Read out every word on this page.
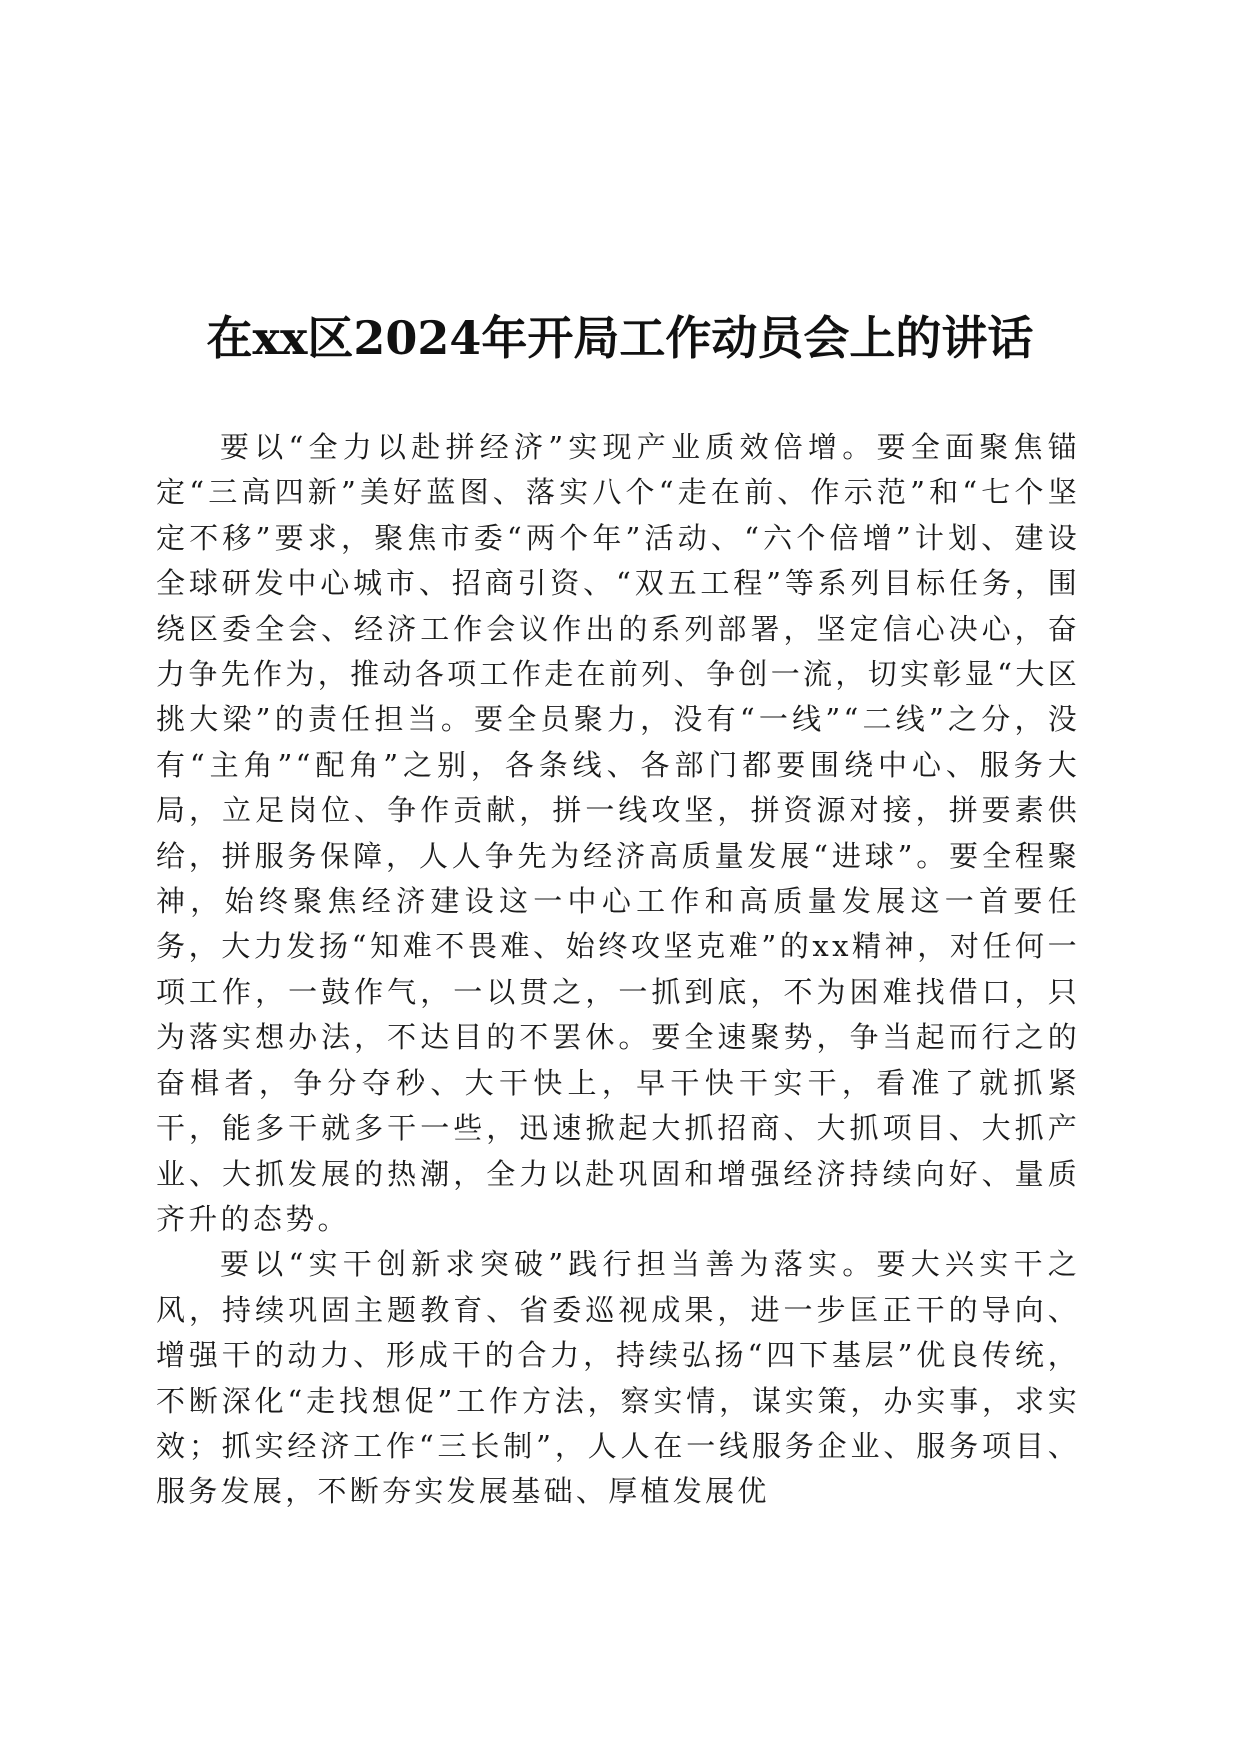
在xx区2024年开局工作动员会上的讲话

要以“全力以赴拼经济”实现产业质效倍增。要全面聚焦锚定“三高四新”美好蓝图、落实八个“走在前、作示范”和“七个坚定不移”要求，聚焦市委“两个年”活动、“六个倍增”计划、建设全球研发中心城市、招商引资、“双五工程”等系列目标任务，围绕区委全会、经济工作会议作出的系列部署，坚定信心决心，奋力争先作为，推动各项工作走在前列、争创一流，切实彰显“大区挑大梁”的责任担当。要全员聚力，没有“一线”“二线”之分，没有“主角”“配角”之别，各条线、各部门都要围绕中心、服务大局，立足岗位、争作贡献，拼一线攻坚，拼资源对接，拼要素供给，拼服务保障，人人争先为经济高质量发展“进球”。要全程聚神，始终聚焦经济建设这一中心工作和高质量发展这一首要任务，大力发扬“知难不畏难、始终攻坚克难”的xx精神，对任何一项工作，一鼓作气，一以贯之，一抓到底，不为困难找借口，只为落实想办法，不达目的不罢休。要全速聚势，争当起而行之的奋楫者，争分夺秒、大干快上，早干快干实干，看准了就抓紧干，能多干就多干一些，迅速掀起大抓招商、大抓项目、大抓产业、大抓发展的热潮，全力以赴巩固和增强经济持续向好、量质齐升的态势。

要以“实干创新求突破”践行担当善为落实。要大兴实干之风，持续巩固主题教育、省委巡视成果，进一步匡正干的导向、增强干的动力、形成干的合力，持续弘扬“四下基层”优良传统，不断深化“走找想促”工作方法，察实情，谋实策，办实事，求实效；抓实经济工作“三长制”，人人在一线服务企业、服务项目、服务发展，不断夯实发展基础、厚植发展优
